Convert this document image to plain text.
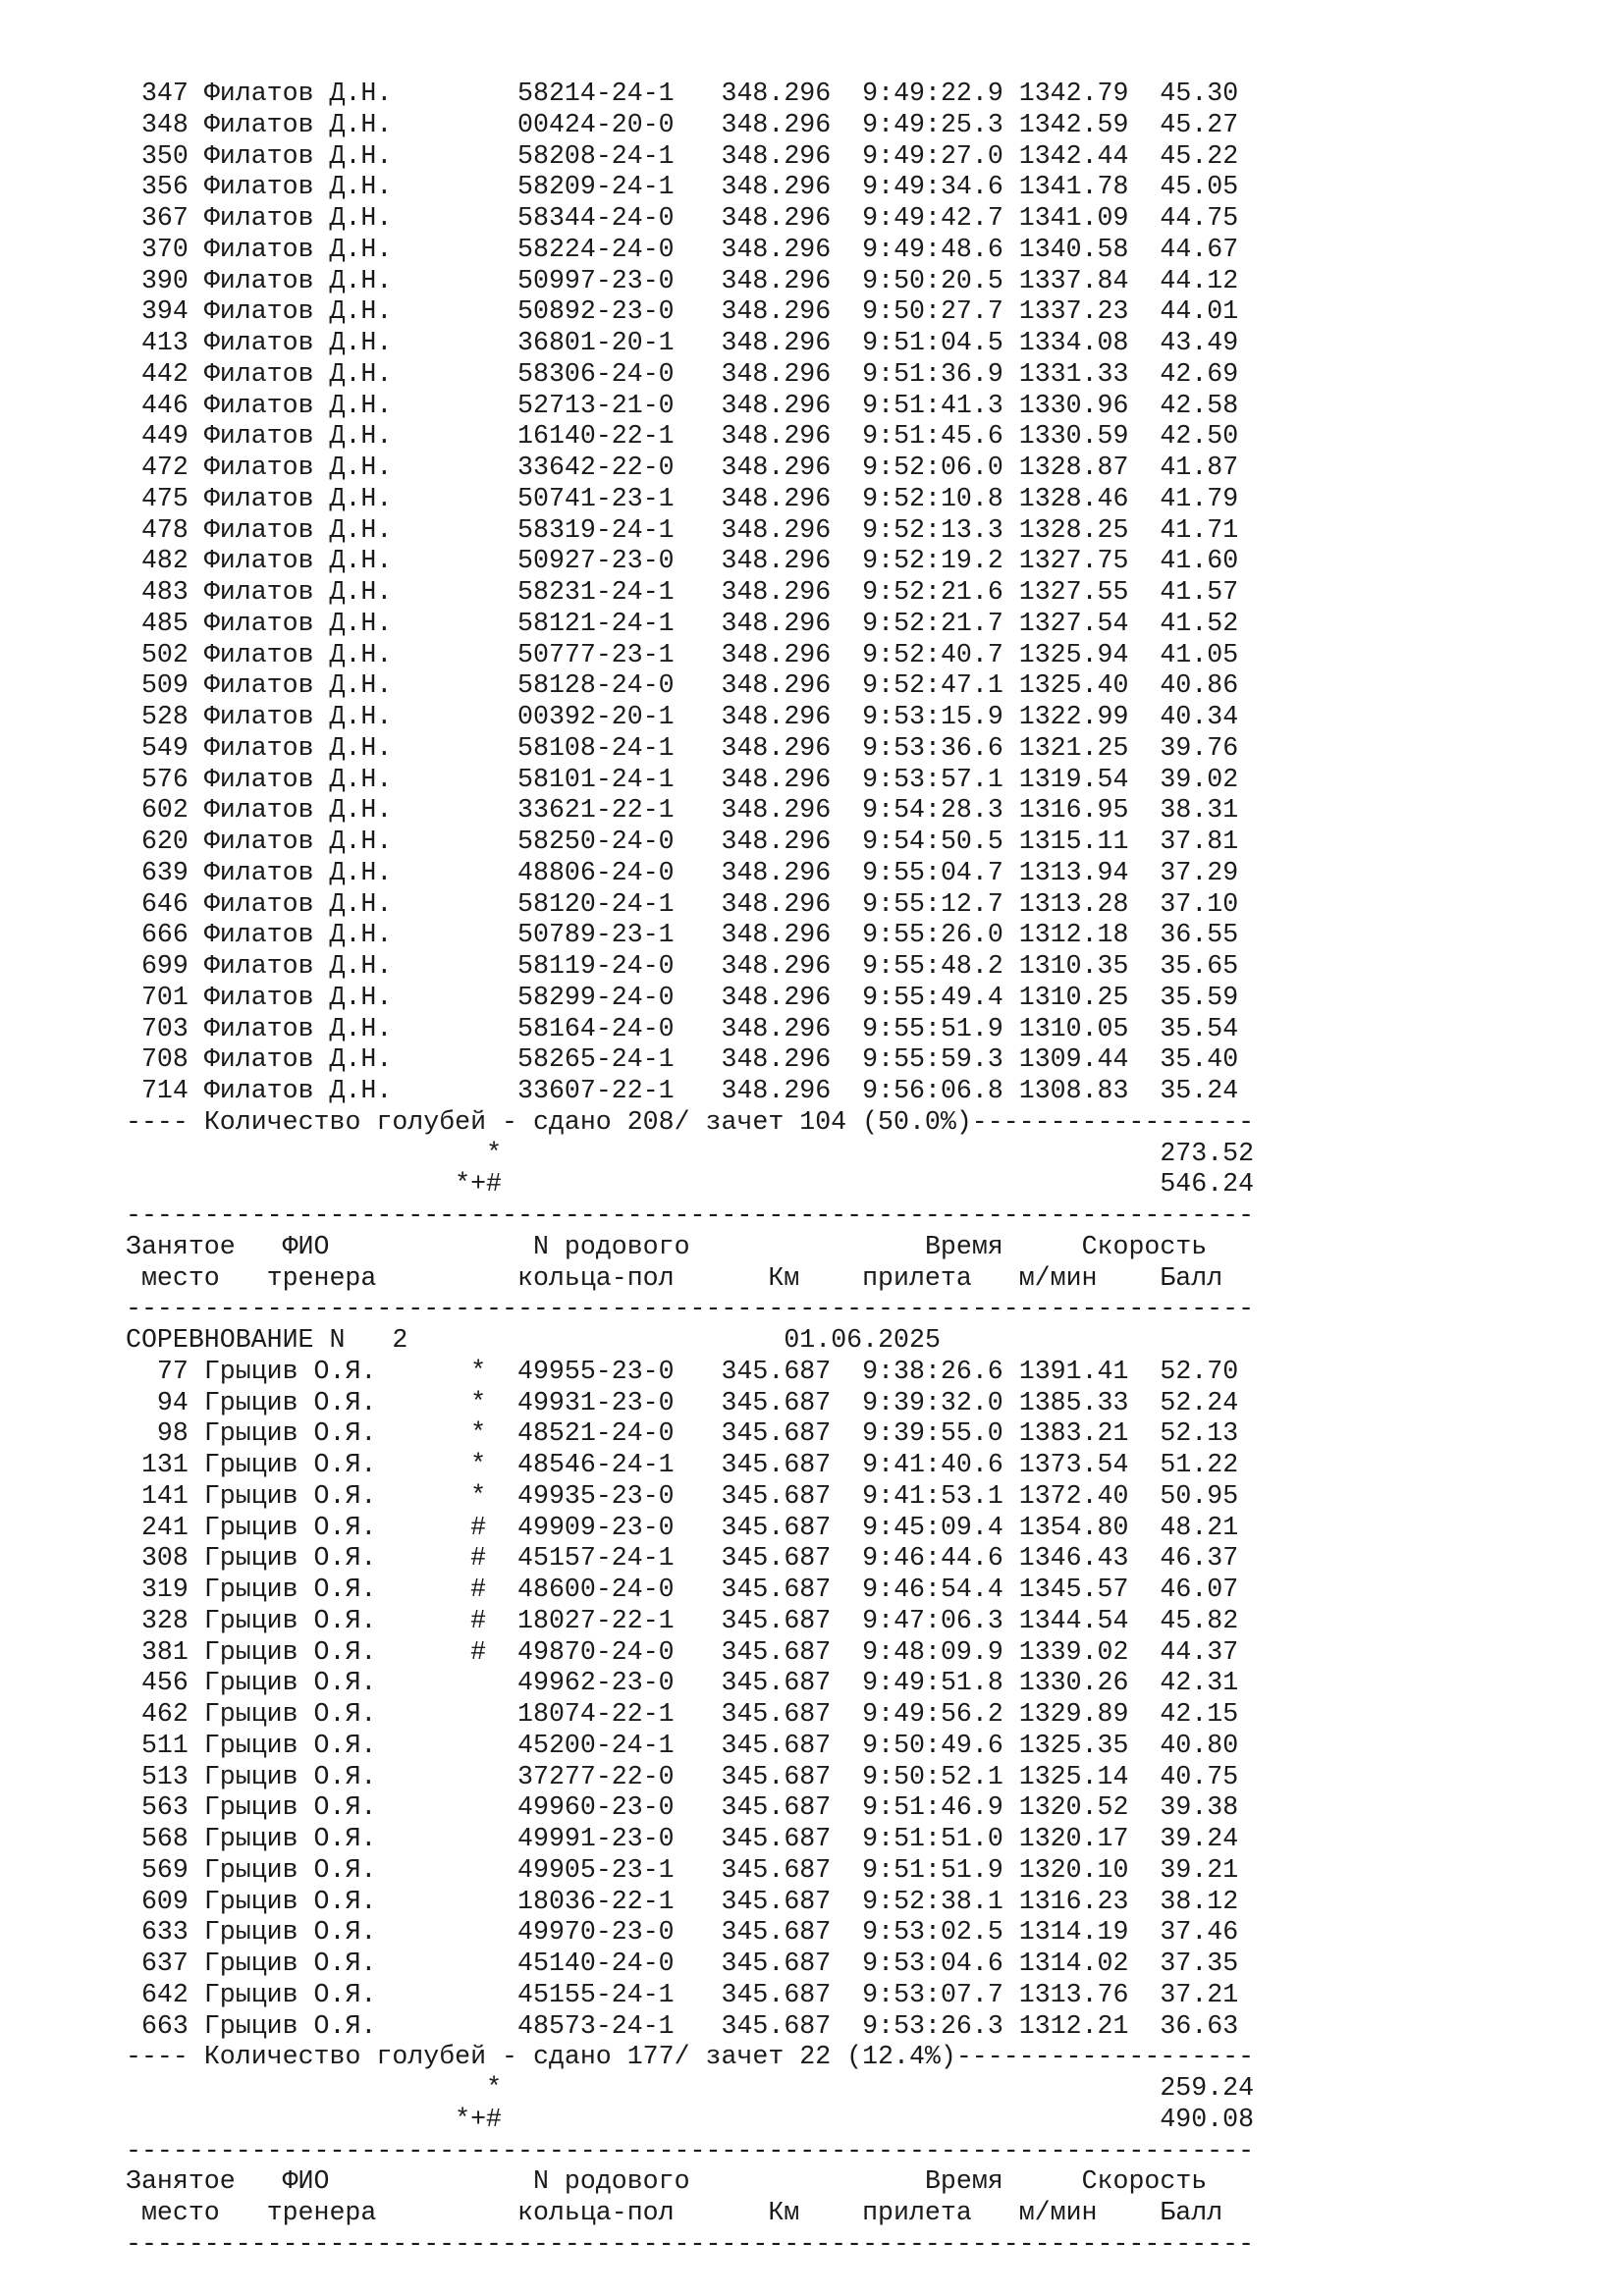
347 Филатов Д.Н.        58214-24-1 348.296 9:49:22.9 1342.79 45.30
348 Филатов Д.Н.        00424-20-0 348.296 9:49:25.3 1342.59 45.27
350 Филатов Д.Н.        58208-24-1 348.296 9:49:27.0 1342.44 45.22
356 Филатов Д.Н.        58209-24-1 348.296 9:49:34.6 1341.78 45.05
367 Филатов Д.Н.        58344-24-0 348.296 9:49:42.7 1341.09 44.75
370 Филатов Д.Н.        58224-24-0 348.296 9:49:48.6 1340.58 44.67
390 Филатов Д.Н.        50997-23-0 348.296 9:50:20.5 1337.84 44.12
394 Филатов Д.Н.        50892-23-0 348.296 9:50:27.7 1337.23 44.01
413 Филатов Д.Н.        36801-20-1 348.296 9:51:04.5 1334.08 43.49
442 Филатов Д.Н.        58306-24-0 348.296 9:51:36.9 1331.33 42.69
446 Филатов Д.Н.        52713-21-0 348.296 9:51:41.3 1330.96 42.58
449 Филатов Д.Н.        16140-22-1 348.296 9:51:45.6 1330.59 42.50
472 Филатов Д.Н.        33642-22-0 348.296 9:52:06.0 1328.87 41.87
475 Филатов Д.Н.        50741-23-1 348.296 9:52:10.8 1328.46 41.79
478 Филатов Д.Н.        58319-24-1 348.296 9:52:13.3 1328.25 41.71
482 Филатов Д.Н.        50927-23-0 348.296 9:52:19.2 1327.75 41.60
483 Филатов Д.Н.        58231-24-1 348.296 9:52:21.6 1327.55 41.57
485 Филатов Д.Н.        58121-24-1 348.296 9:52:21.7 1327.54 41.52
502 Филатов Д.Н.        50777-23-1 348.296 9:52:40.7 1325.94 41.05
509 Филатов Д.Н.        58128-24-0 348.296 9:52:47.1 1325.40 40.86
528 Филатов Д.Н.        00392-20-1 348.296 9:53:15.9 1322.99 40.34
549 Филатов Д.Н.        58108-24-1 348.296 9:53:36.6 1321.25 39.76
576 Филатов Д.Н.        58101-24-1 348.296 9:53:57.1 1319.54 39.02
602 Филатов Д.Н.        33621-22-1 348.296 9:54:28.3 1316.95 38.31
620 Филатов Д.Н.        58250-24-0 348.296 9:54:50.5 1315.11 37.81
639 Филатов Д.Н.        48806-24-0 348.296 9:55:04.7 1313.94 37.29
646 Филатов Д.Н.        58120-24-1 348.296 9:55:12.7 1313.28 37.10
666 Филатов Д.Н.        50789-23-1 348.296 9:55:26.0 1312.18 36.55
699 Филатов Д.Н.        58119-24-0 348.296 9:55:48.2 1310.35 35.65
701 Филатов Д.Н.        58299-24-0 348.296 9:55:49.4 1310.25 35.59
703 Филатов Д.Н.        58164-24-0 348.296 9:55:51.9 1310.05 35.54
708 Филатов Д.Н.        58265-24-1 348.296 9:55:59.3 1309.44 35.40
714 Филатов Д.Н.        33607-22-1 348.296 9:56:06.8 1308.83 35.24
---- Количество голубей - сдано 208/ зачет 104 (50.0%)------------------
*	273.52
*+#	546.24
------------------------------------------------------------------------
Занятое   ФИО             N родового	Время     Скорость
место   тренера         кольца-пол      Км    прилета   м/мин    Балл
------------------------------------------------------------------------
СОРЕВНОВАНИЕ N 2	01.06.2025
77 Грыцив О.Я.      * 49955-23-0 345.687 9:38:26.6 1391.41 52.70
94 Грыцив О.Я.      * 49931-23-0 345.687 9:39:32.0 1385.33 52.24
98 Грыцив О.Я.      * 48521-24-0 345.687 9:39:55.0 1383.21 52.13
131 Грыцив О.Я.      * 48546-24-1 345.687 9:41:40.6 1373.54 51.22
141 Грыцив О.Я.      * 49935-23-0 345.687 9:41:53.1 1372.40 50.95
241 Грыцив О.Я.      # 49909-23-0 345.687 9:45:09.4 1354.80 48.21
308 Грыцив О.Я.      # 45157-24-1 345.687 9:46:44.6 1346.43 46.37
319 Грыцив О.Я.      # 48600-24-0 345.687 9:46:54.4 1345.57 46.07
328 Грыцив О.Я.      # 18027-22-1 345.687 9:47:06.3 1344.54 45.82
381 Грыцив О.Я.      # 49870-24-0 345.687 9:48:09.9 1339.02 44.37
456 Грыцив О.Я.         49962-23-0 345.687 9:49:51.8 1330.26 42.31
462 Грыцив О.Я.         18074-22-1 345.687 9:49:56.2 1329.89 42.15
511 Грыцив О.Я.         45200-24-1 345.687 9:50:49.6 1325.35 40.80
513 Грыцив О.Я.         37277-22-0 345.687 9:50:52.1 1325.14 40.75
563 Грыцив О.Я.         49960-23-0 345.687 9:51:46.9 1320.52 39.38
568 Грыцив О.Я.         49991-23-0 345.687 9:51:51.0 1320.17 39.24
569 Грыцив О.Я.         49905-23-1 345.687 9:51:51.9 1320.10 39.21
609 Грыцив О.Я.         18036-22-1 345.687 9:52:38.1 1316.23 38.12
633 Грыцив О.Я.         49970-23-0 345.687 9:53:02.5 1314.19 37.46
637 Грыцив О.Я.         45140-24-0 345.687 9:53:04.6 1314.02 37.35
642 Грыцив О.Я.         45155-24-1 345.687 9:53:07.7 1313.76 37.21
663 Грыцив О.Я.         48573-24-1 345.687 9:53:26.3 1312.21 36.63
---- Количество голубей - сдано 177/ зачет 22 (12.4%)-------------------
*	259.24
*+#	490.08
------------------------------------------------------------------------
Занятое   ФИО             N родового	Время     Скорость
место   тренера         кольца-пол      Км    прилета   м/мин    Балл
------------------------------------------------------------------------
